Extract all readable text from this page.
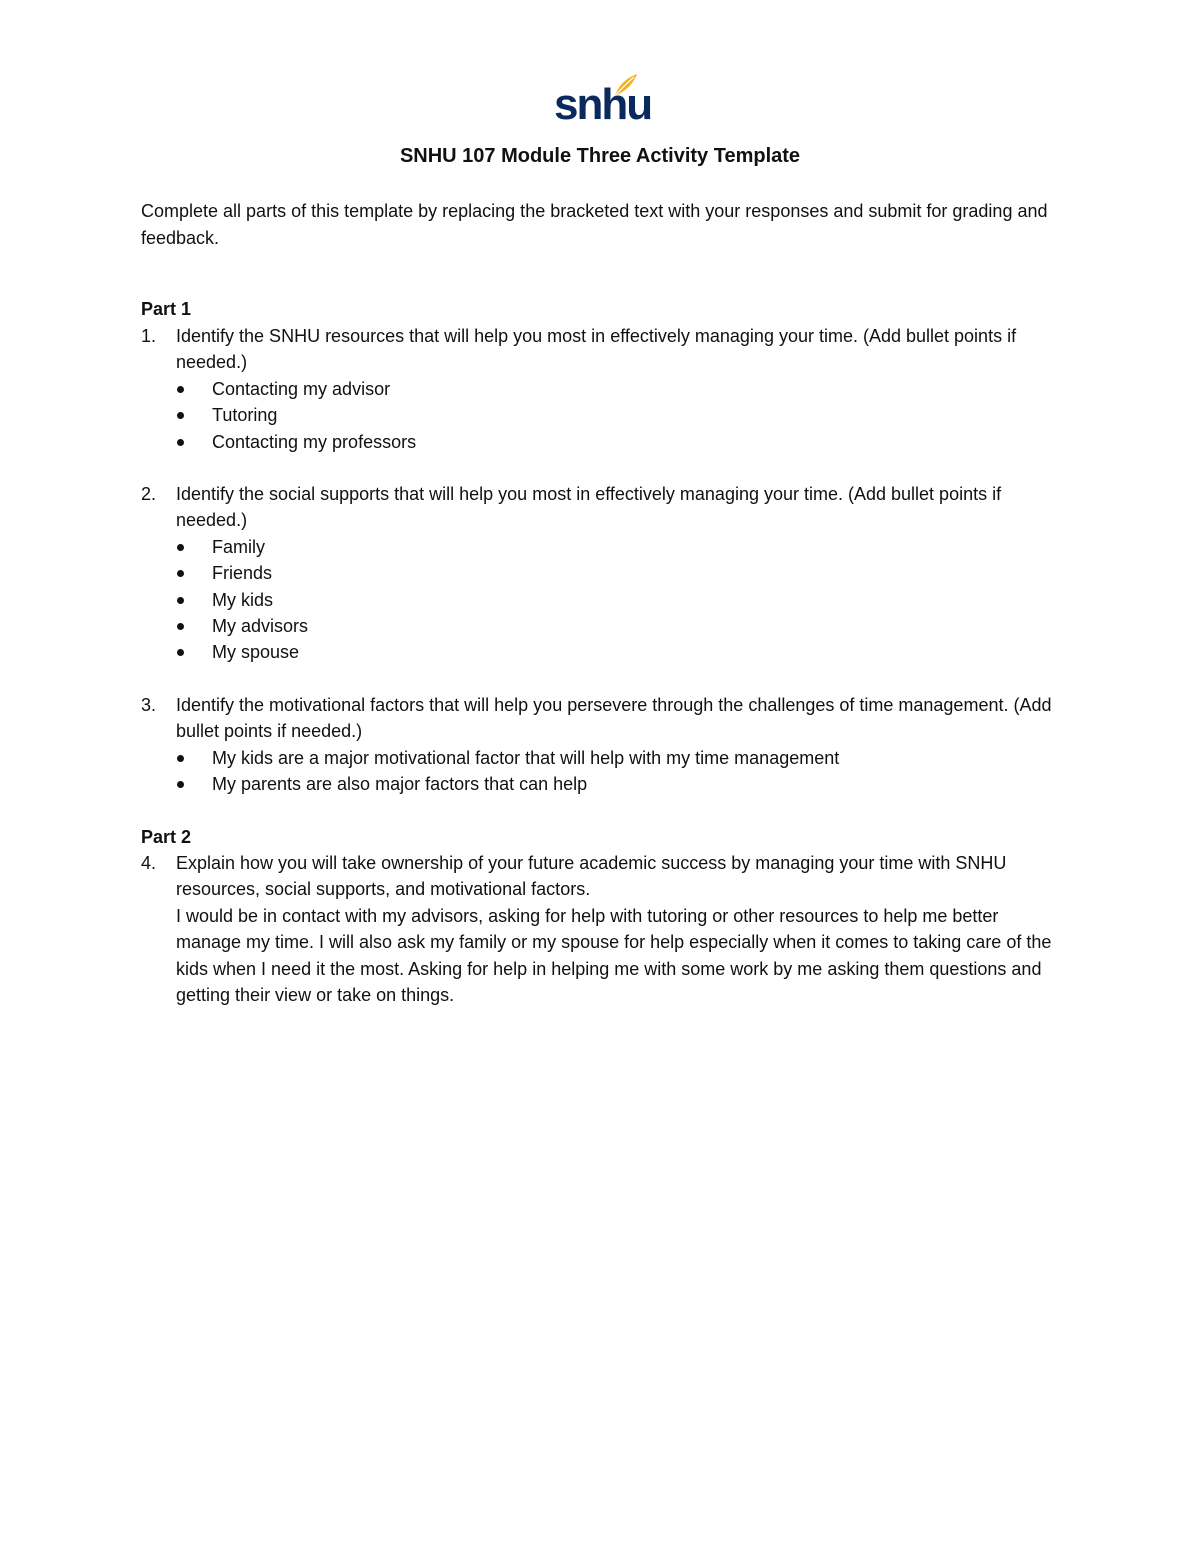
snhu
SNHU 107 Module Three Activity Template
Complete all parts of this template by replacing the bracketed text with your responses and submit for grading and feedback.
Part 1
1. Identify the SNHU resources that will help you most in effectively managing your time. (Add bullet points if needed.)
Contacting my advisor
Tutoring
Contacting my professors
2. Identify the social supports that will help you most in effectively managing your time. (Add bullet points if needed.)
Family
Friends
My kids
My advisors
My spouse
3. Identify the motivational factors that will help you persevere through the challenges of time management. (Add bullet points if needed.)
My kids are a major motivational factor that will help with my time management
My parents are also major factors that can help
Part 2
4. Explain how you will take ownership of your future academic success by managing your time with SNHU resources, social supports, and motivational factors.
I would be in contact with my advisors, asking for help with tutoring or other resources to help me better manage my time. I will also ask my family or my spouse for help especially when it comes to taking care of the kids when I need it the most. Asking for help in helping me with some work by me asking them questions and getting their view or take on things.
